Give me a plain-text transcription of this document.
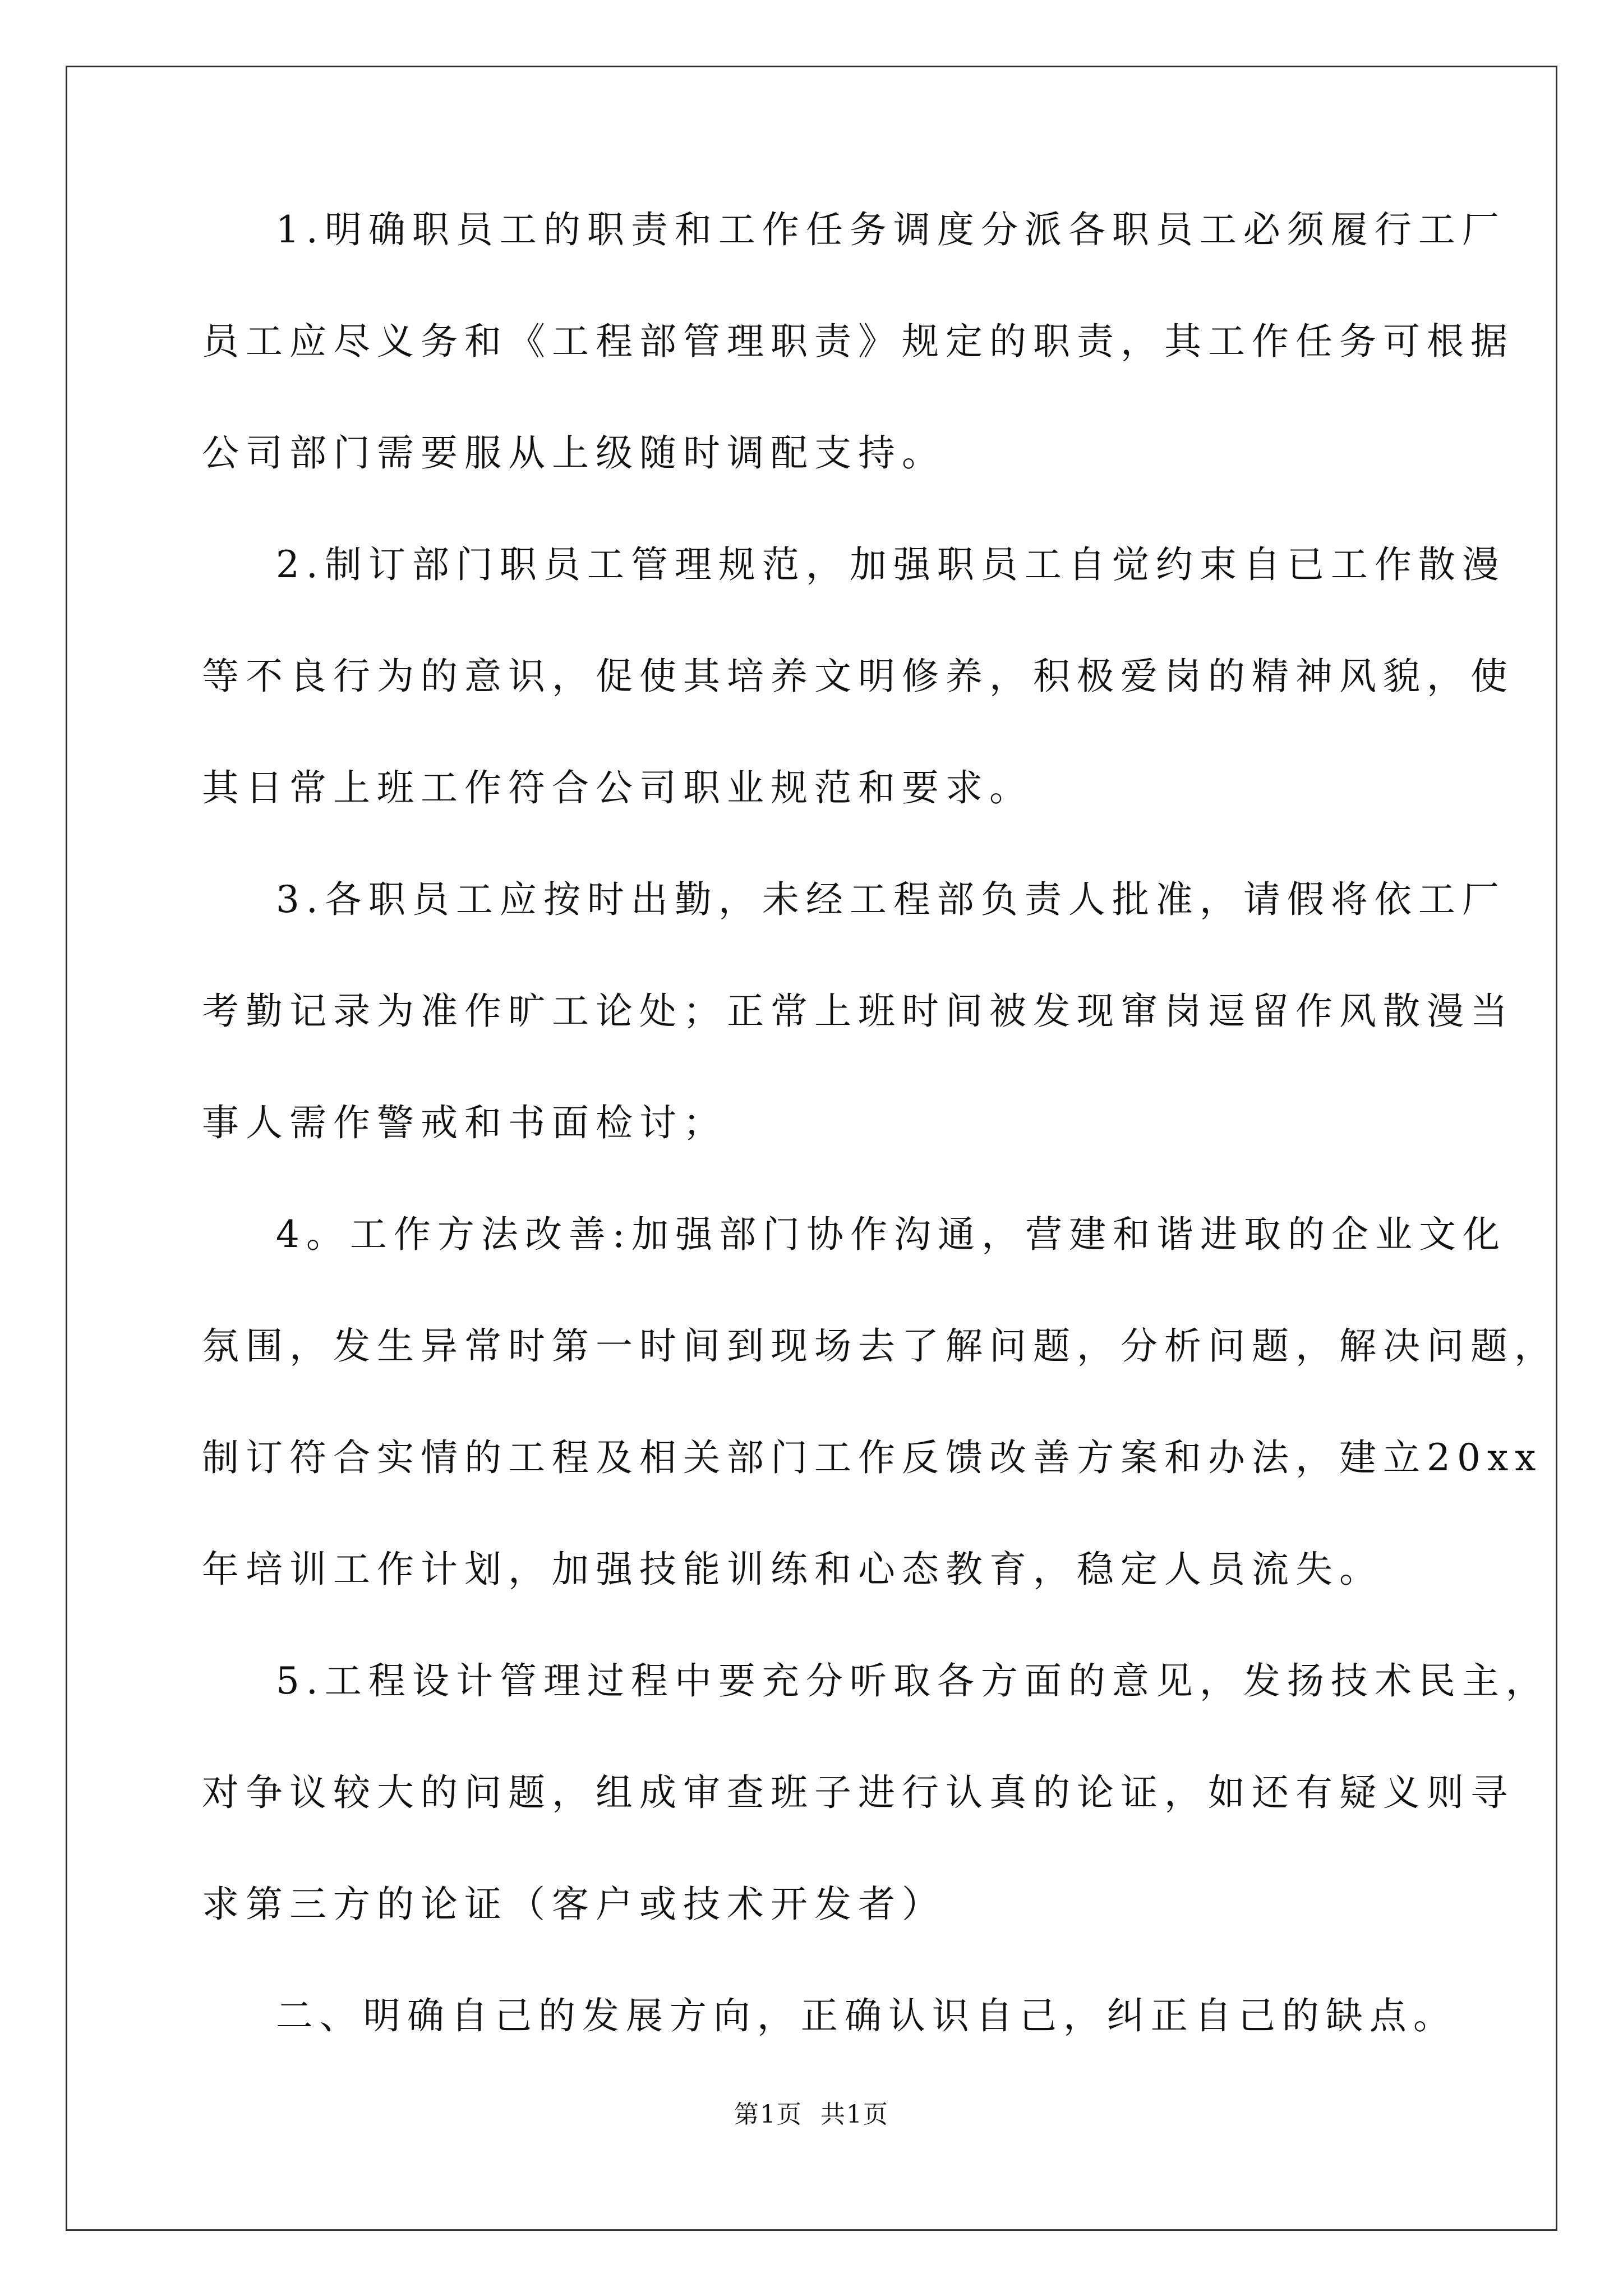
1.明确职员工的职责和工作任务调度分派各职员工必须履行工厂
员工应尽义务和《工程部管理职责》规定的职责，其工作任务可根据
公司部门需要服从上级随时调配支持。
2.制订部门职员工管理规范，加强职员工自觉约束自已工作散漫
等不良行为的意识，促使其培养文明修养，积极爱岗的精神风貌，使
其日常上班工作符合公司职业规范和要求。
3.各职员工应按时出勤，未经工程部负责人批准，请假将依工厂
考勤记录为准作旷工论处；正常上班时间被发现窜岗逗留作风散漫当
事人需作警戒和书面检讨；
4。工作方法改善:加强部门协作沟通，营建和谐进取的企业文化
氛围，发生异常时第一时间到现场去了解问题，分析问题，解决问题，
制订符合实情的工程及相关部门工作反馈改善方案和办法，建立20xx
年培训工作计划，加强技能训练和心态教育，稳定人员流失。
5.工程设计管理过程中要充分听取各方面的意见，发扬技术民主，
对争议较大的问题，组成审查班子进行认真的论证，如还有疑义则寻
求第三方的论证（客户或技术开发者）
二、明确自己的发展方向，正确认识自己，纠正自己的缺点。
第1页  共1页
